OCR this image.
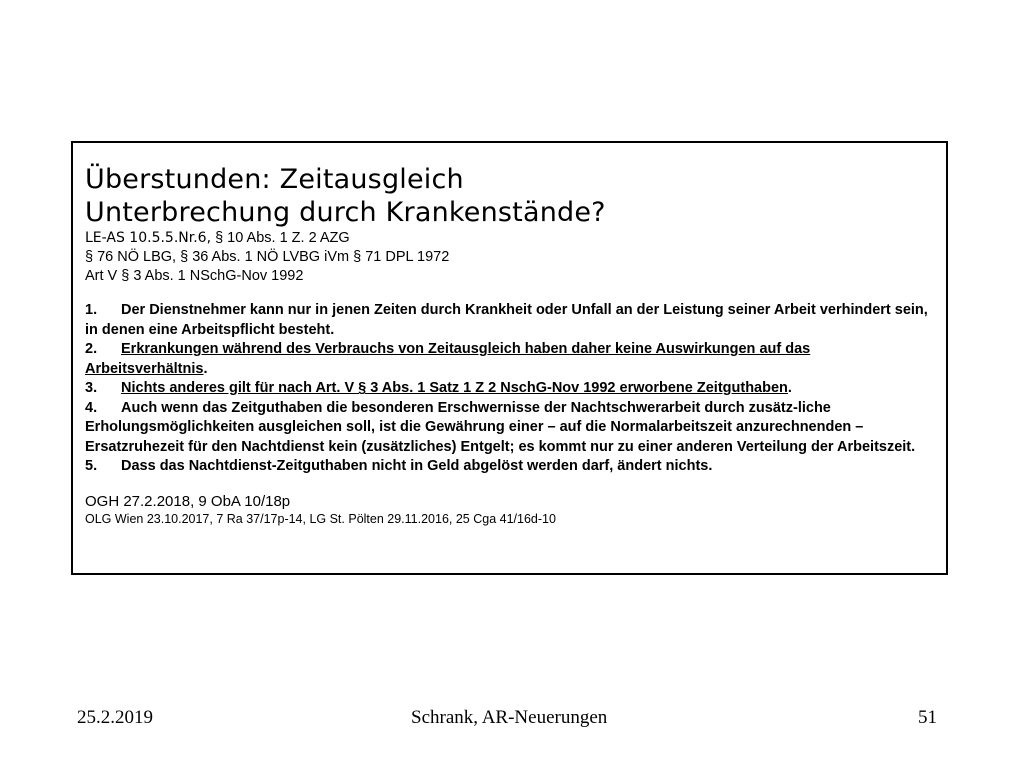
Überstunden: Zeitausgleich
Unterbrechung durch Krankenstände?
LE-AS 10.5.5.Nr.6, § 10 Abs. 1 Z. 2 AZG
§ 76 NÖ LBG, § 36 Abs. 1 NÖ LVBG iVm § 71 DPL 1972
Art V § 3 Abs. 1 NSchG-Nov 1992
1. Der Dienstnehmer kann nur in jenen Zeiten durch Krankheit oder Unfall an der Leistung seiner Arbeit verhindert sein, in denen eine Arbeitspflicht besteht.
2. Erkrankungen während des Verbrauchs von Zeitausgleich haben daher keine Auswirkungen auf das Arbeitsverhältnis.
3. Nichts anderes gilt für nach Art. V § 3 Abs. 1 Satz 1 Z 2 NschG-Nov 1992 erworbene Zeitguthaben.
4. Auch wenn das Zeitguthaben die besonderen Erschwernisse der Nachtschwerarbeit durch zusätz-liche Erholungsmöglichkeiten ausgleichen soll, ist die Gewährung einer – auf die Normalarbeitszeit anzurechnenden – Ersatzruhezeit für den Nachtdienst kein (zusätzliches) Entgelt; es kommt nur zu einer anderen Verteilung der Arbeitszeit.
5. Dass das Nachtdienst-Zeitguthaben nicht in Geld abgelöst werden darf, ändert nichts.
OGH 27.2.2018, 9 ObA 10/18p
OLG Wien 23.10.2017, 7 Ra 37/17p-14, LG St. Pölten 29.11.2016, 25 Cga 41/16d-10
25.2.2019	Schrank, AR-Neuerungen	51
